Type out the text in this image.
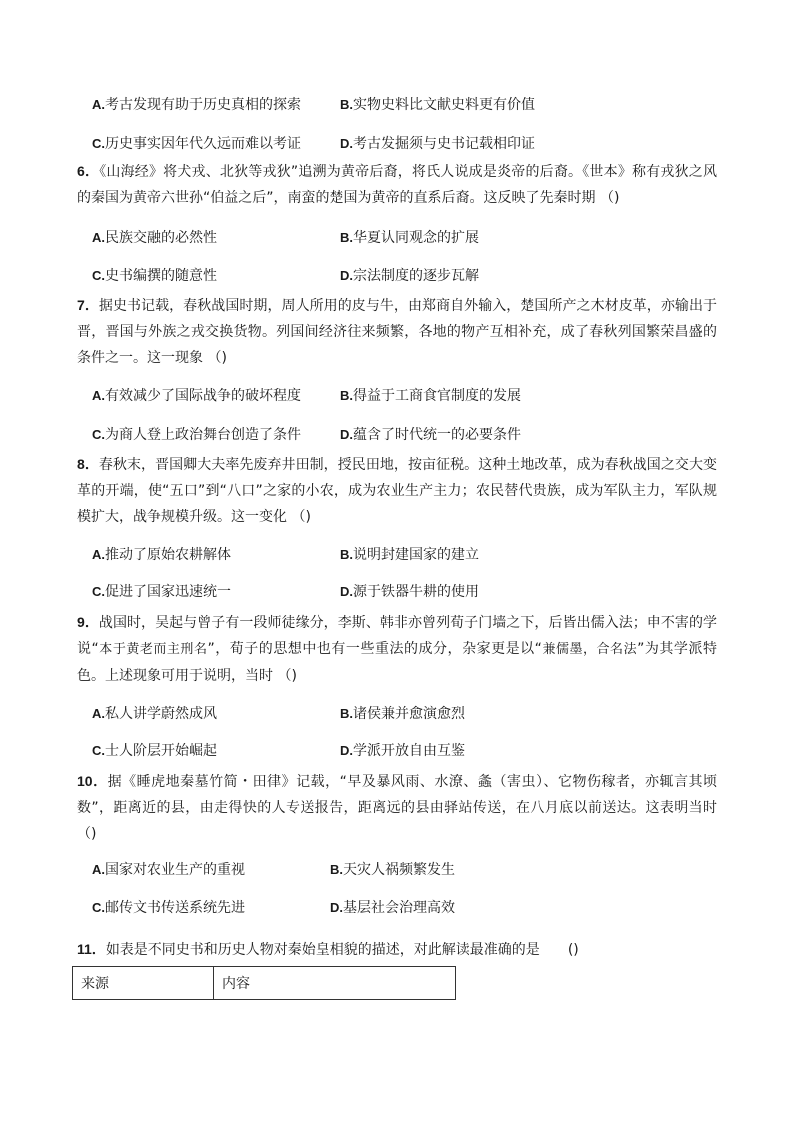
A.考古发现有助于历史真相的探索	B.实物史料比文献史料更有价值
C.历史事实因年代久远而难以考证	D.考古发掘须与史书记载相印证
6．《山海经》将犬戎、北狄等戎狄”追溯为黄帝后裔，将氏人说成是炎帝的后裔。《世本》称有戎狄之风的秦国为黄帝六世孙“伯益之后”，南蛮的楚国为黄帝的直系后裔。这反映了先秦时期 （)
A.民族交融的必然性	B.华夏认同观念的扩展
C.史书编撰的随意性	D.宗法制度的逐步瓦解
7．据史书记载，春秋战国时期，周人所用的皮与牛，由郑商自外输入，楚国所产之木材皮革，亦输出于晋，晋国与外族之戎交换货物。列国间经济往来频繁，各地的物产互相补充，成了春秋列国繁荣昌盛的条件之一。这一现象 （)
A.有效减少了国际战争的破坏程度	B.得益于工商食官制度的发展
C.为商人登上政治舞台创造了条件	D.蕴含了时代统一的必要条件
8．春秋末，晋国卿大夫率先废弃井田制，授民田地，按亩征税。这种土地改革，成为春秋战国之交大变革的开端，使“五口”到“八口”之家的小农，成为农业生产主力；农民替代贵族，成为军队主力，军队规模扩大，战争规模升级。这一变化 （)
A.推动了原始农耕解体	B.说明封建国家的建立
C.促进了国家迅速统一	D.源于铁器牛耕的使用
9．战国时，吴起与曾子有一段师徒缘分，李斯、韩非亦曾列荀子门墙之下，后皆出儒入法；申不害的学说“本于黄老而主刑名”，荀子的思想中也有一些重法的成分，杂家更是以“兼儒墨，合名法”为其学派特色。上述现象可用于说明，当时 （)
A.私人讲学蔚然成风	B.诸侯兼并愈演愈烈
C.士人阶层开始崛起	D.学派开放自由互鉴
10．据《睡虎地秦墓竹简・田律》记载，“早及暴风雨、水潦、螽（害虫）、它物伤稼者，亦辄言其顷数”，距离近的县，由走得快的人专送报告，距离远的县由驿站传送，在八月底以前送达。这表明当时 （)
A.国家对农业生产的重视	B.天灾人祸频繁发生
C.邮传文书传送系统先进	D.基层社会治理高效
11．如表是不同史书和历史人物对秦始皇相貌的描述，对此解读最准确的是 ()
来源	内容
